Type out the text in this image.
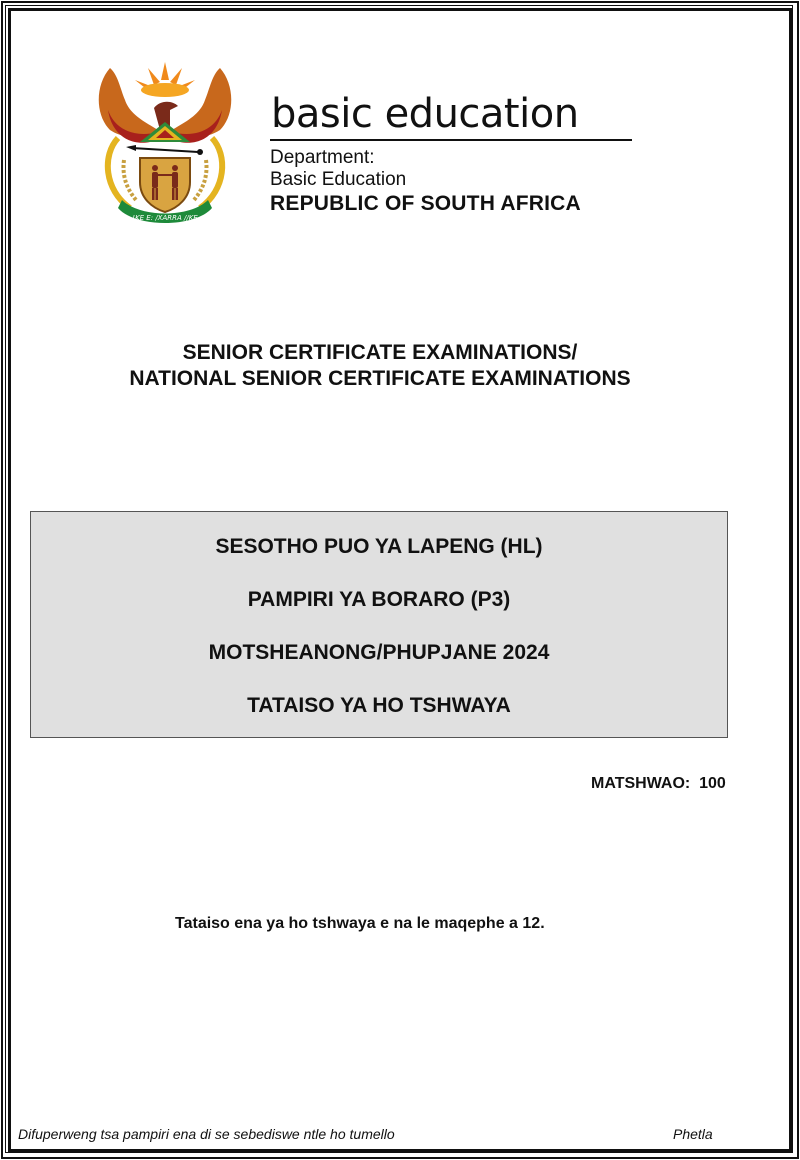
!KE E: /XARRA //KE
basic education
Department:
Basic Education
REPUBLIC OF SOUTH AFRICA
SENIOR CERTIFICATE EXAMINATIONS/
NATIONAL SENIOR CERTIFICATE EXAMINATIONS
SESOTHO PUO YA LAPENG (HL)
PAMPIRI YA BORARO (P3)
MOTSHEANONG/PHUPJANE 2024
TATAISO YA HO TSHWAYA
MATSHWAO:  100
Tataiso ena ya ho tshwaya e na le maqephe a 12.
Difuperweng tsa pampiri ena di se sebediswe ntle ho tumello	Phetla
